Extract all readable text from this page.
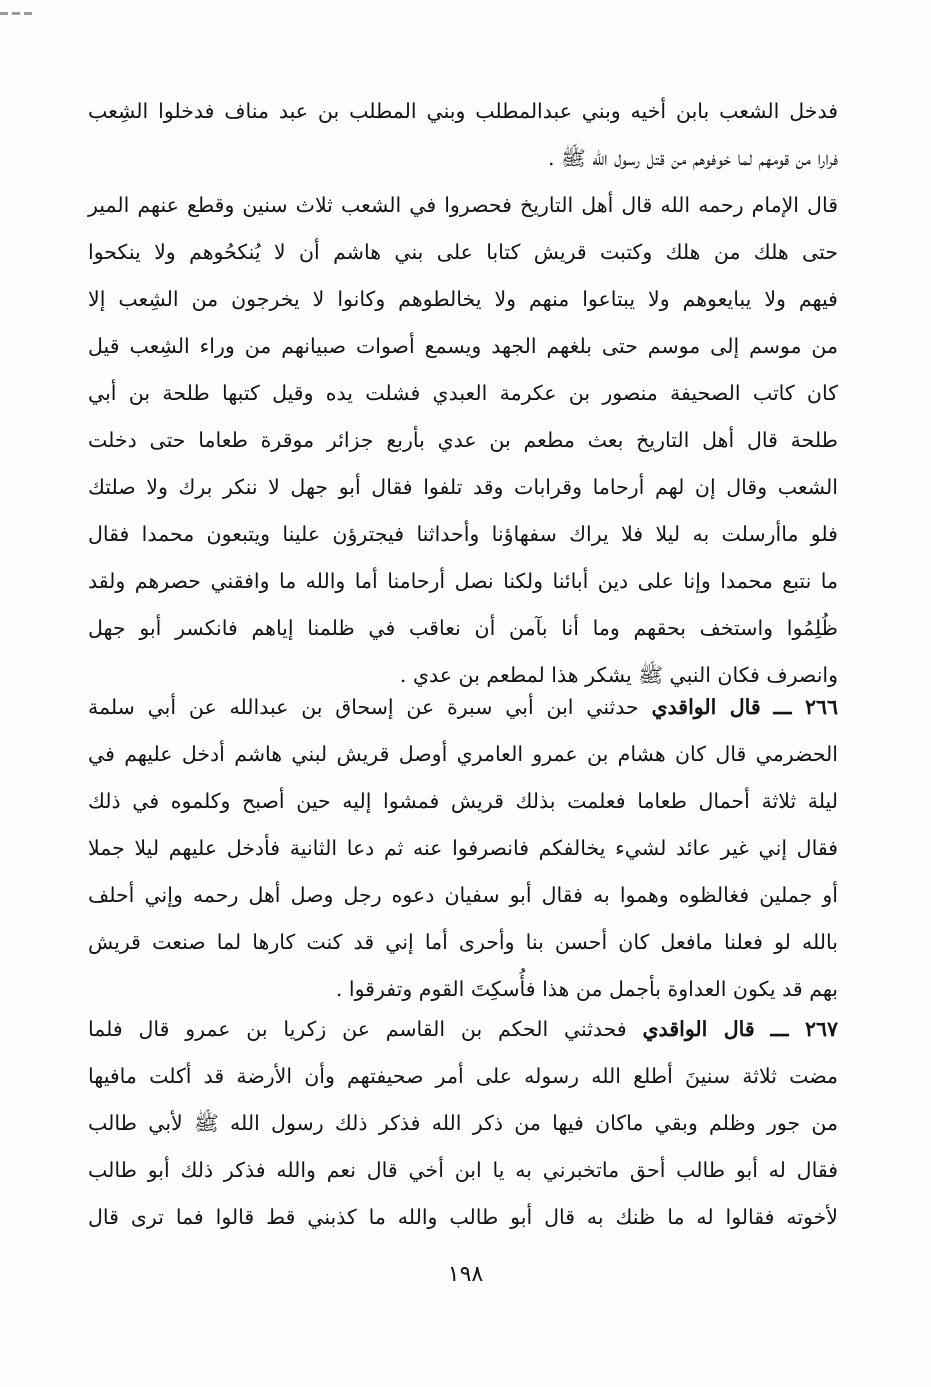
فدخل الشعب بابن أخيه وبني عبدالمطلب وبني المطلب بن عبد مناف فدخلوا الشِعب
فرارا من قومهم لما خوفوهم من قتل رسول الله ﷺ .
قال الإمام رحمه الله قال أهل التاريخ فحصروا في الشعب ثلاث سنين وقطع عنهم المير
حتى هلك من هلك وكتبت قريش كتابا على بني هاشم أن لا يُنكحُوهم ولا ينكحوا
فيهم ولا يبايعوهم ولا يبتاعوا منهم ولا يخالطوهم وكانوا لا يخرجون من الشِعب إلا
من موسم إلى موسم حتى بلغهم الجهد ويسمع أصوات صبيانهم من وراء الشِعب قيل
كان كاتب الصحيفة منصور بن عكرمة العبدي فشلت يده وقيل كتبها طلحة بن أبي
طلحة قال أهل التاريخ بعث مطعم بن عدي بأربع جزائر موقرة طعاما حتى دخلت
الشعب وقال إن لهم أرحاما وقرابات وقد تلفوا فقال أبو جهل لا ننكر برك ولا صلتك
فلو ماأرسلت به ليلا فلا يراك سفهاؤنا وأحداثنا فيجترؤن علينا ويتبعون محمدا فقال
ما نتبع محمدا وإنا على دين أبائنا ولكنا نصل أرحامنا أما والله ما وافقني حصرهم ولقد
ظُلِمُوا واستخف بحقهم وما أنا بآمن أن نعاقب في ظلمنا إياهم فانكسر أبو جهل
وانصرف فكان النبي ﷺ يشكر هذا لمطعم بن عدي .
٢٦٦ ـــ قال الواقدي حدثني ابن أبي سبرة عن إسحاق بن عبدالله عن أبي سلمة
الحضرمي قال كان هشام بن عمرو العامري أوصل قريش لبني هاشم أدخل عليهم في
ليلة ثلاثة أحمال طعاما فعلمت بذلك قريش فمشوا إليه حين أصبح وكلموه في ذلك
فقال إني غير عائد لشيء يخالفكم فانصرفوا عنه ثم دعا الثانية فأدخل عليهم ليلا جملا
أو جملين فغالظوه وهموا به فقال أبو سفيان دعوه رجل وصل أهل رحمه وإني أحلف
بالله لو فعلنا مافعل كان أحسن بنا وأحرى أما إني قد كنت كارها لما صنعت قريش
بهم قد يكون العداوة بأجمل من هذا فأُسكِتَ القوم وتفرقوا .
٢٦٧ ـــ قال الواقدي فحدثني الحكم بن القاسم عن زكريا بن عمرو قال فلما
مضت ثلاثة سنينَ أطلع الله رسوله على أمر صحيفتهم وأن الأرضة قد أكلت مافيها
من جور وظلم وبقي ماكان فيها من ذكر الله فذكر ذلك رسول الله ﷺ لأبي طالب
فقال له أبو طالب أحق ماتخبرني به يا ابن أخي قال نعم والله فذكر ذلك أبو طالب
لأخوته فقالوا له ما ظنك به قال أبو طالب والله ما كذبني قط قالوا فما ترى قال
١٩٨
